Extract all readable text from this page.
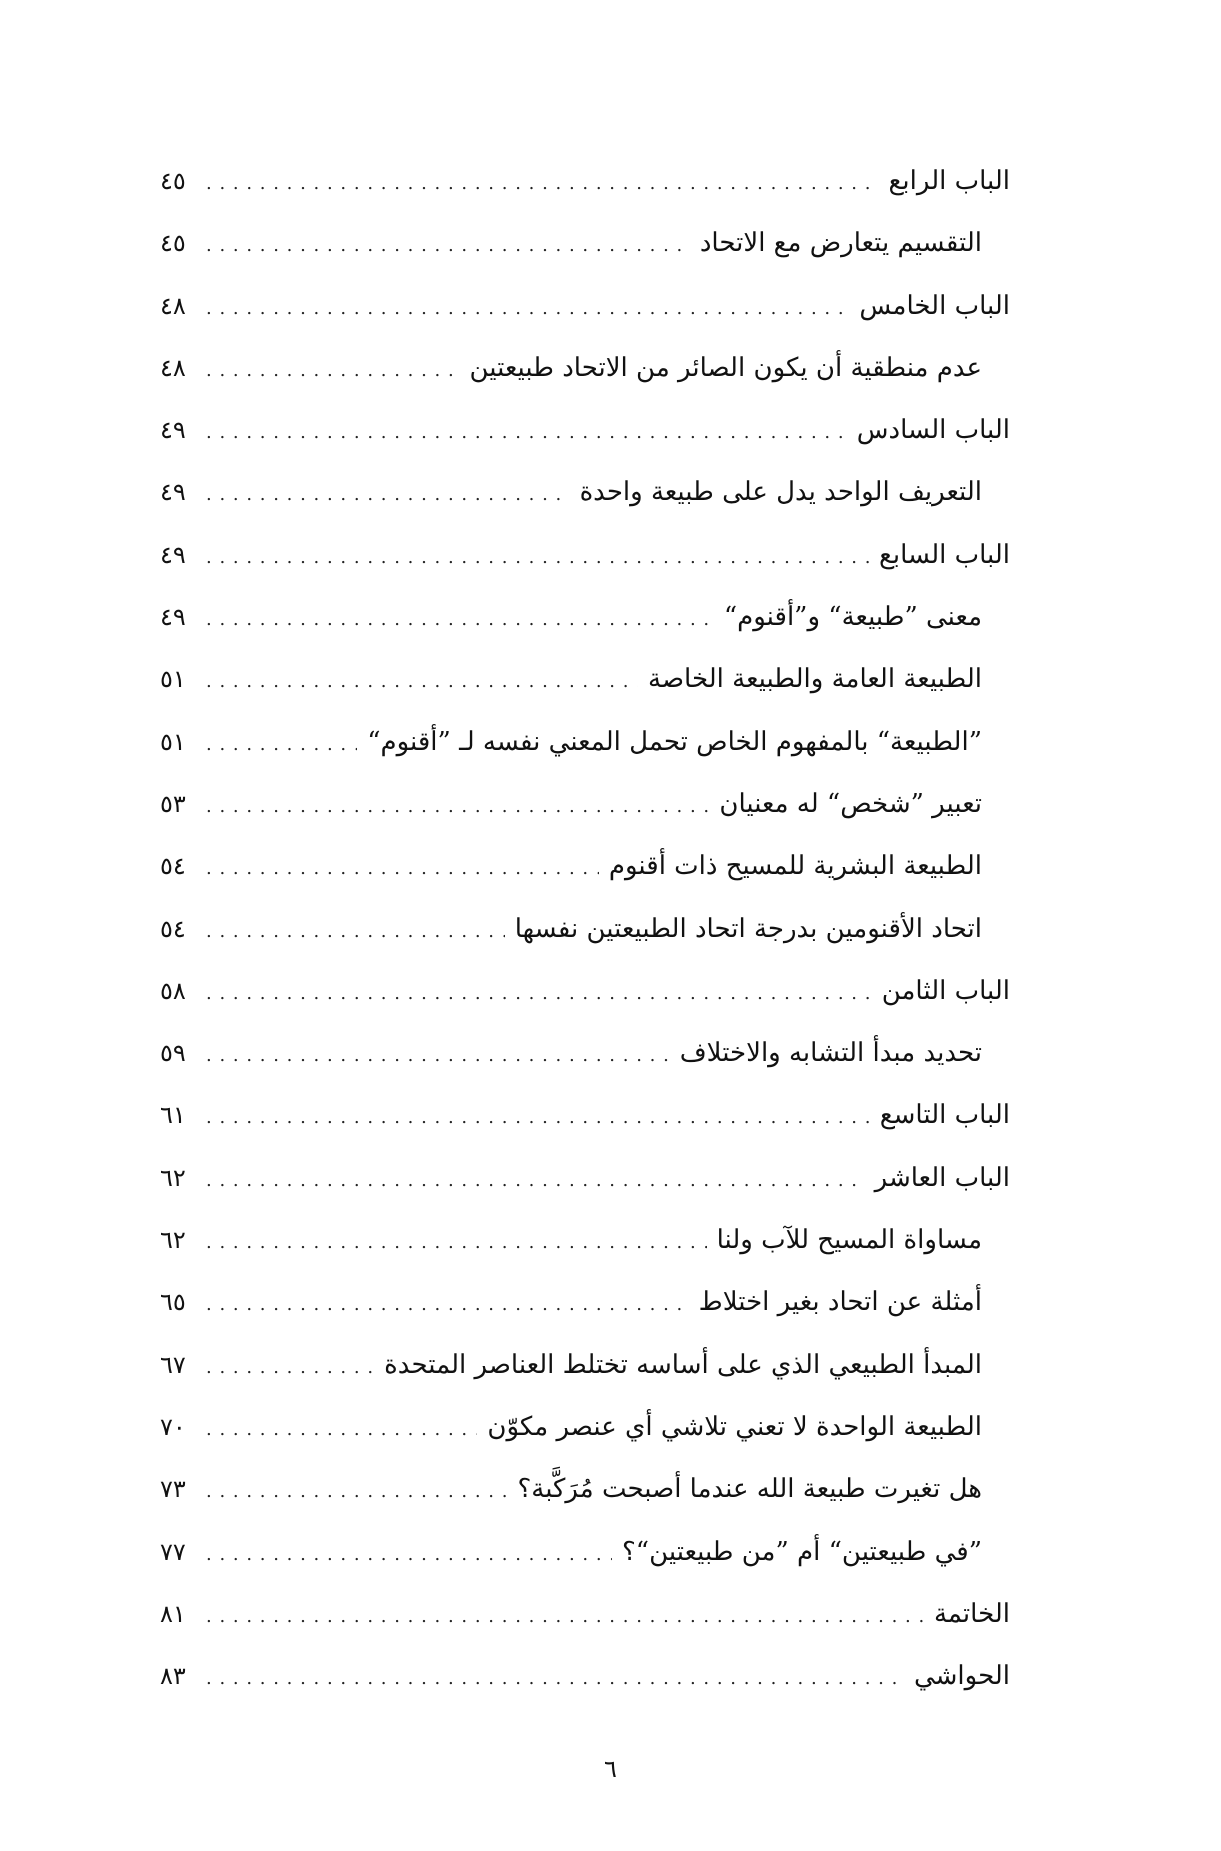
الباب الرابع
. . .
٤٥
التقسيم يتعارض مع الاتحاد
. . .
٤٥
الباب الخامس
. . .
٤٨
عدم منطقية أن يكون الصائر من الاتحاد طبيعتين
. . .
٤٨
الباب السادس
. . .
٤٩
التعريف الواحد يدل على طبيعة واحدة
. . .
٤٩
الباب السابع
. . .
٤٩
معنى ”طبيعة“ و”أقنوم“
. . .
٤٩
الطبيعة العامة والطبيعة الخاصة
. . .
٥١
”الطبيعة“ بالمفهوم الخاص تحمل المعني نفسه لـ ”أقنوم“
. . .
٥١
تعبير ”شخص“ له معنيان
. . .
٥٣
الطبيعة البشرية للمسيح ذات أقنوم
. . .
٥٤
اتحاد الأقنومين بدرجة اتحاد الطبيعتين نفسها
. . .
٥٤
الباب الثامن
. . .
٥٨
تحديد مبدأ التشابه والاختلاف
. . .
٥٩
الباب التاسع
. . .
٦١
الباب العاشر
. . .
٦٢
مساواة المسيح للآب ولنا
. . .
٦٢
أمثلة عن اتحاد بغير اختلاط
. . .
٦٥
المبدأ الطبيعي الذي على أساسه تختلط العناصر المتحدة
. . .
٦٧
الطبيعة الواحدة لا تعني تلاشي أي عنصر مكوّن
. . .
٧٠
هل تغيرت طبيعة الله عندما أصبحت مُرَكَّبة؟
. . .
٧٣
”في طبيعتين“ أم ”من طبيعتين“؟
. . .
٧٧
الخاتمة
. . .
٨١
الحواشي
. . .
٨٣
٦
